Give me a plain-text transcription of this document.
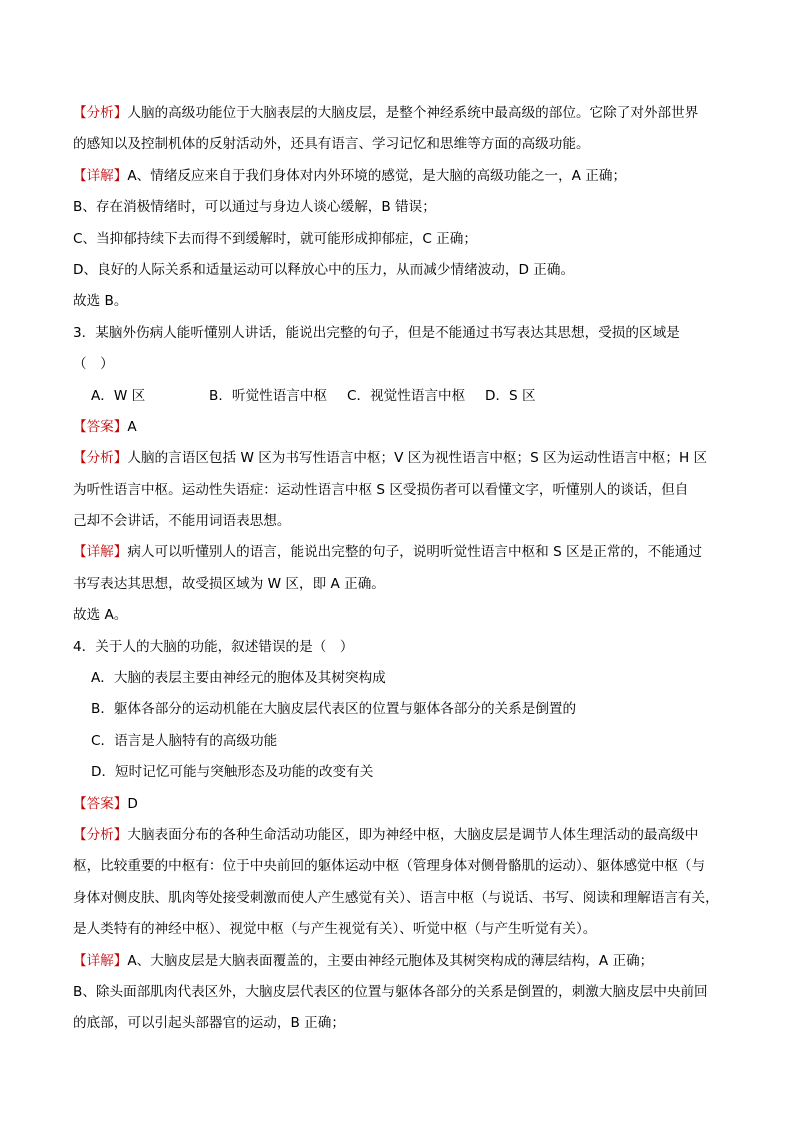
【分析】人脑的高级功能位于大脑表层的大脑皮层，是整个神经系统中最高级的部位。它除了对外部世界
的感知以及控制机体的反射活动外，还具有语言、学习记忆和思维等方面的高级功能。
【详解】A、情绪反应来自于我们身体对内外环境的感觉，是大脑的高级功能之一，A 正确；
B、存在消极情绪时，可以通过与身边人谈心缓解，B 错误；
C、当抑郁持续下去而得不到缓解时，就可能形成抑郁症，C 正确；
D、良好的人际关系和适量运动可以释放心中的压力，从而减少情绪波动，D 正确。
故选 B。
3．某脑外伤病人能听懂别人讲话，能说出完整的句子，但是不能通过书写表达其思想，受损的区域是
（　）
A．W 区	B．听觉性语言中枢	C．视觉性语言中枢	D．S 区
【答案】A
【分析】人脑的言语区包括 W 区为书写性语言中枢；V 区为视性语言中枢；S 区为运动性语言中枢；H 区
为听性语言中枢。运动性失语症：运动性语言中枢 S 区受损伤者可以看懂文字，听懂别人的谈话，但自
己却不会讲话，不能用词语表思想。
【详解】病人可以听懂别人的语言，能说出完整的句子，说明听觉性语言中枢和 S 区是正常的，不能通过
书写表达其思想，故受损区域为 W 区，即 A 正确。
故选 A。
4．关于人的大脑的功能，叙述错误的是（　）
A．大脑的表层主要由神经元的胞体及其树突构成
B．躯体各部分的运动机能在大脑皮层代表区的位置与躯体各部分的关系是倒置的
C．语言是人脑特有的高级功能
D．短时记忆可能与突触形态及功能的改变有关
【答案】D
【分析】大脑表面分布的各种生命活动功能区，即为神经中枢，大脑皮层是调节人体生理活动的最高级中
枢，比较重要的中枢有：位于中央前回的躯体运动中枢（管理身体对侧骨骼肌的运动）、躯体感觉中枢（与
身体对侧皮肤、肌肉等处接受刺激而使人产生感觉有关）、语言中枢（与说话、书写、阅读和理解语言有关，
是人类特有的神经中枢）、视觉中枢（与产生视觉有关）、听觉中枢（与产生听觉有关）。
【详解】A、大脑皮层是大脑表面覆盖的，主要由神经元胞体及其树突构成的薄层结构，A 正确；
B、除头面部肌肉代表区外，大脑皮层代表区的位置与躯体各部分的关系是倒置的，刺激大脑皮层中央前回
的底部，可以引起头部器官的运动，B 正确；
